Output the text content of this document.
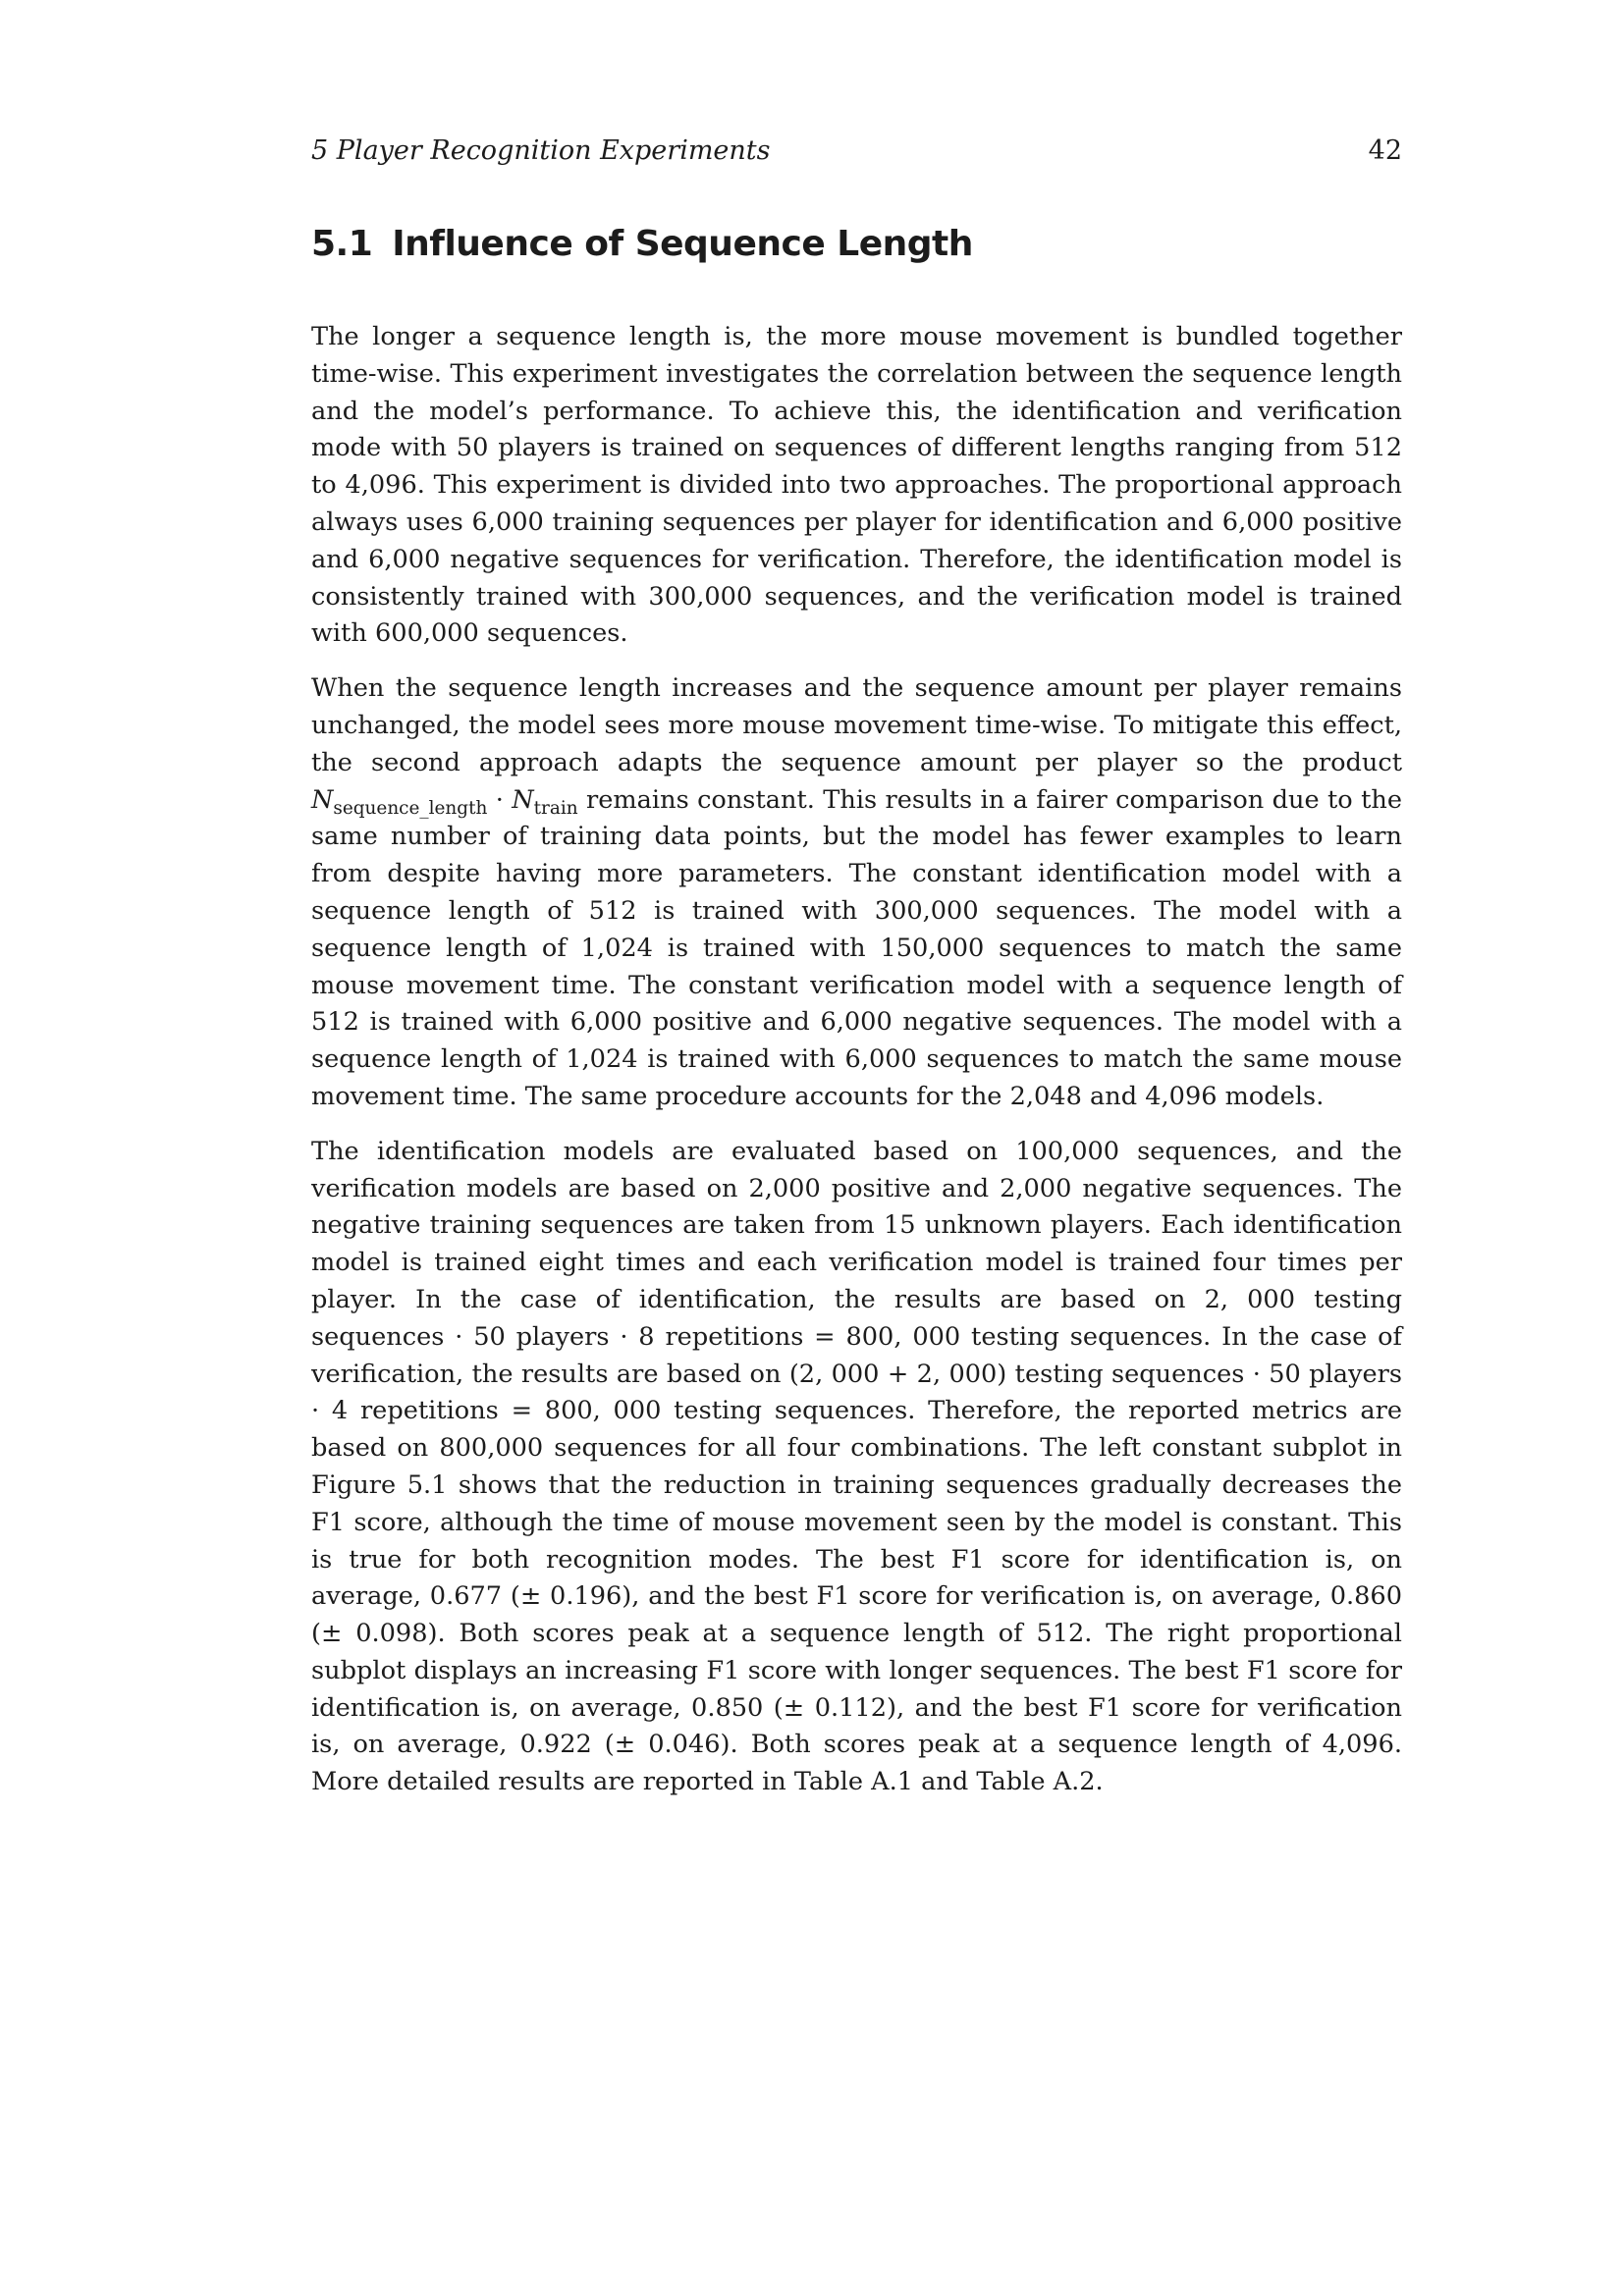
5 Player Recognition Experiments	42
5.1 Influence of Sequence Length

The longer a sequence length is, the more mouse movement is bundled together time-wise. This experiment investigates the correlation between the sequence length and the model’s performance. To achieve this, the identification and verification mode with 50 players is trained on sequences of different lengths ranging from 512 to 4,096. This experiment is divided into two approaches. The proportional approach always uses 6,000 training sequences per player for identification and 6,000 positive and 6,000 negative sequences for verification. Therefore, the identification model is consistently trained with 300,000 sequences, and the verification model is trained with 600,000 sequences.

When the sequence length increases and the sequence amount per player remains unchanged, the model sees more mouse movement time-wise. To mitigate this effect, the second approach adapts the sequence amount per player so the product $N_{sequence\_length} \cdot N_{train}$ remains constant. This results in a fairer comparison due to the same number of training data points, but the model has fewer examples to learn from despite having more parameters. The constant identification model with a sequence length of 512 is trained with 300,000 sequences. The model with a sequence length of 1,024 is trained with 150,000 sequences to match the same mouse movement time. The constant verification model with a sequence length of 512 is trained with 6,000 positive and 6,000 negative sequences. The model with a sequence length of 1,024 is trained with 6,000 sequences to match the same mouse movement time. The same procedure accounts for the 2,048 and 4,096 models.

The identification models are evaluated based on 100,000 sequences, and the verification models are based on 2,000 positive and 2,000 negative sequences. The negative training sequences are taken from 15 unknown players. Each identification model is trained eight times and each verification model is trained four times per player. In the case of identification, the results are based on 2, 000 testing sequences · 50 players · 8 repetitions = 800, 000 testing sequences. In the case of verification, the results are based on (2, 000 + 2, 000) testing sequences · 50 players · 4 repetitions = 800, 000 testing sequences. Therefore, the reported metrics are based on 800,000 sequences for all four combinations. The left constant subplot in Figure 5.1 shows that the reduction in training sequences gradually decreases the F1 score, although the time of mouse movement seen by the model is constant. This is true for both recognition modes. The best F1 score for identification is, on average, 0.677 (± 0.196), and the best F1 score for verification is, on average, 0.860 (± 0.098). Both scores peak at a sequence length of 512. The right proportional subplot displays an increasing F1 score with longer sequences. The best F1 score for identification is, on average, 0.850 (± 0.112), and the best F1 score for verification is, on average, 0.922 (± 0.046). Both scores peak at a sequence length of 4,096. More detailed results are reported in Table A.1 and Table A.2.
